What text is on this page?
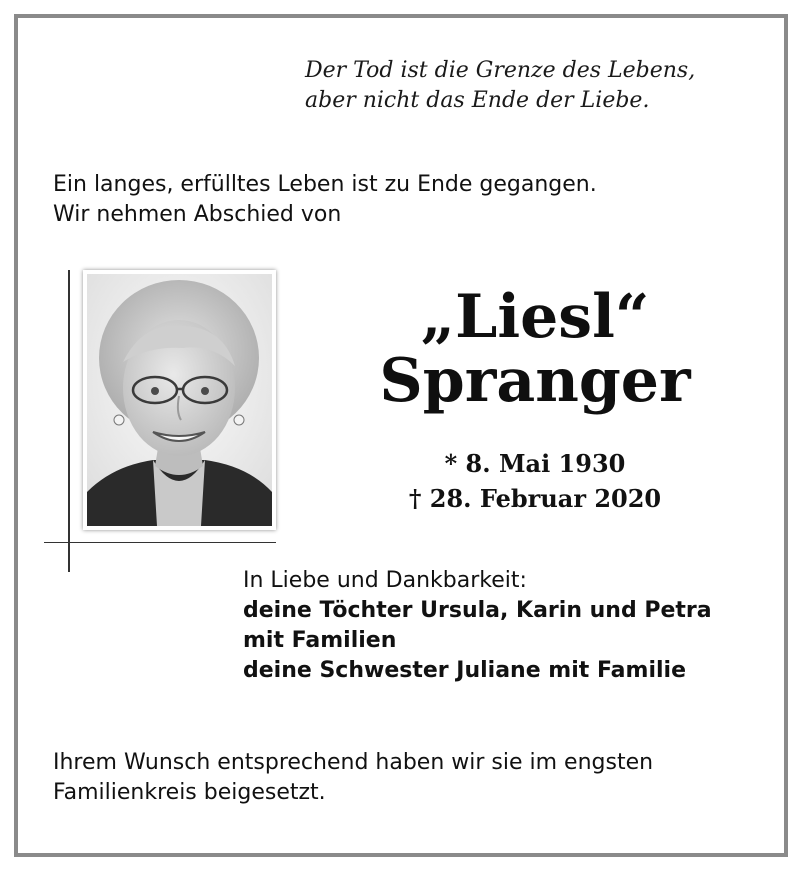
Der Tod ist die Grenze des Lebens,
aber nicht das Ende der Liebe.
Ein langes, erfülltes Leben ist zu Ende gegangen.
Wir nehmen Abschied von
„Liesl“
Spranger
* 8. Mai 1930
† 28. Februar 2020
In Liebe und Dankbarkeit:
deine Töchter Ursula, Karin und Petra
mit Familien
deine Schwester Juliane mit Familie
Ihrem Wunsch entsprechend haben wir sie im engsten
Familienkreis beigesetzt.
